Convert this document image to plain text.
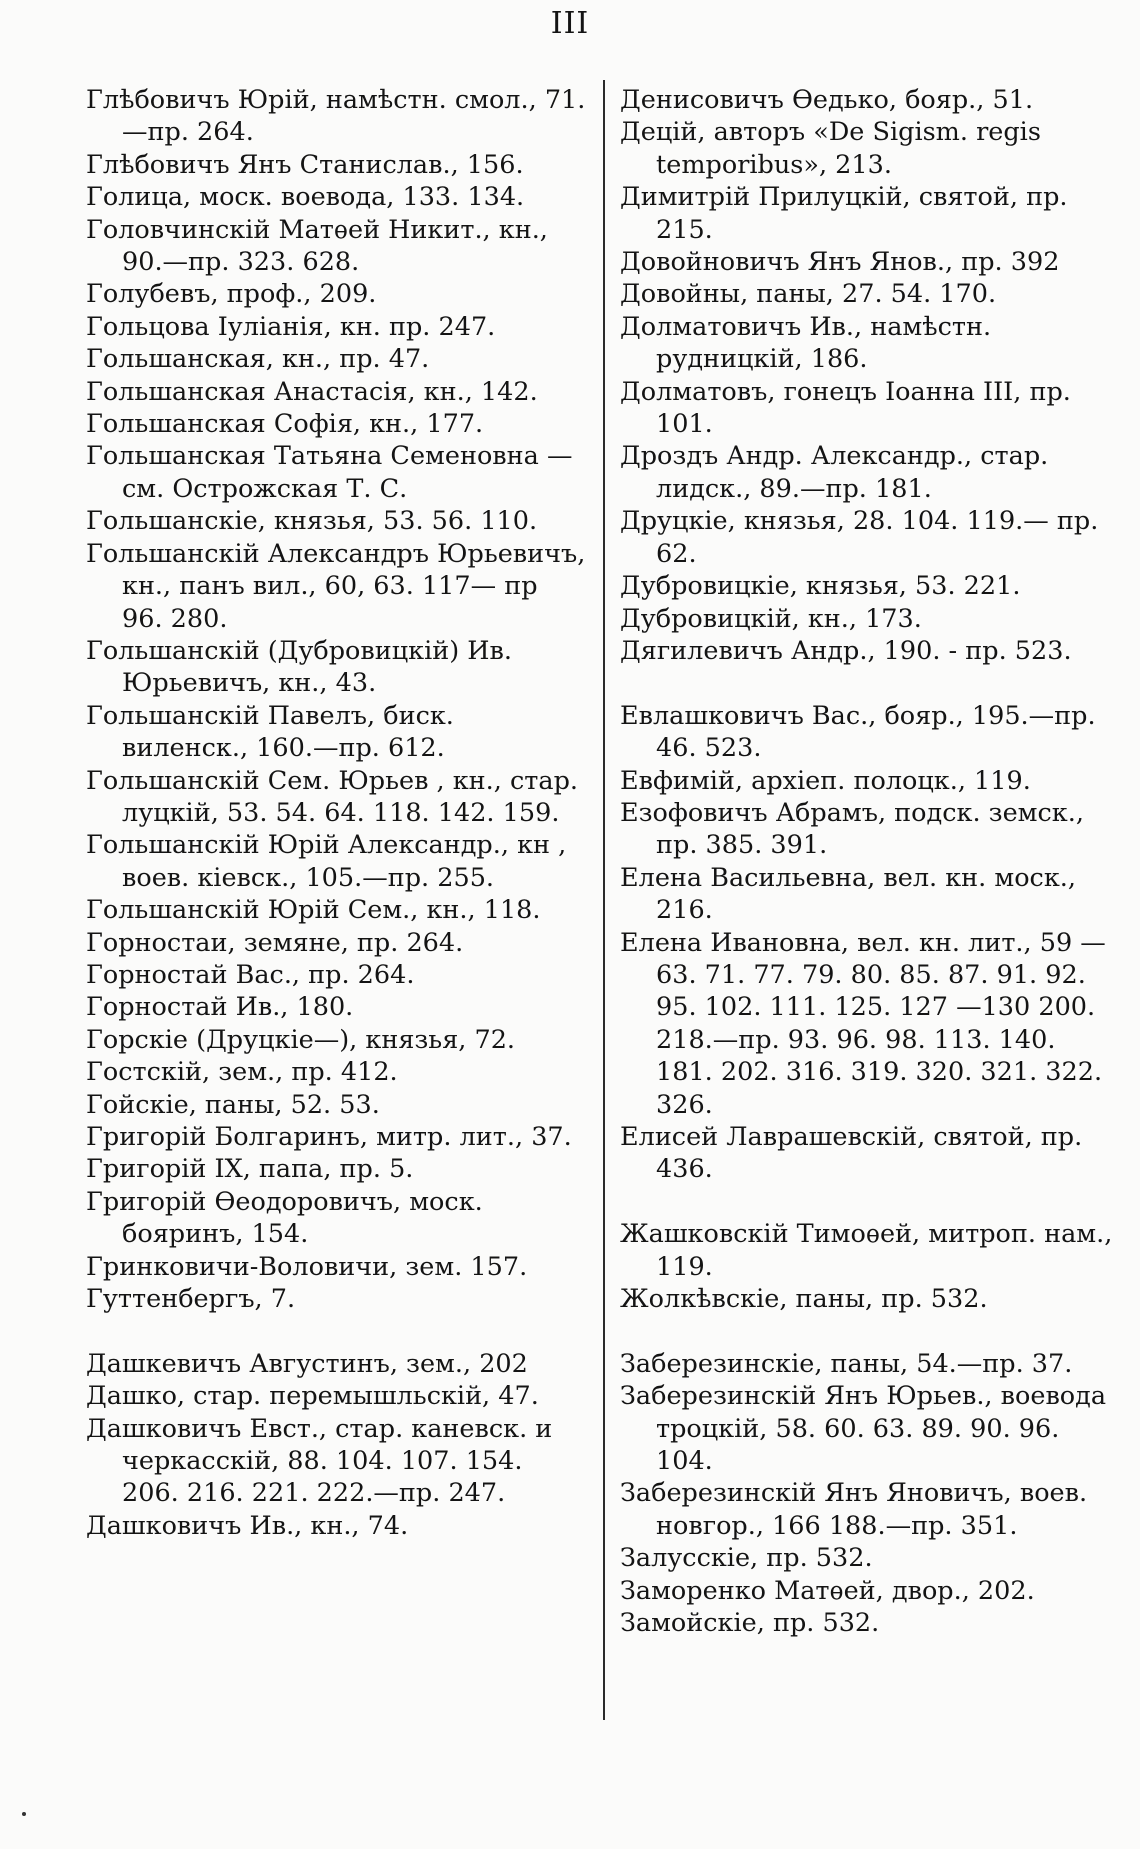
III

Глѣбовичъ Юрій, намѣстн. смол., 71.—пр. 264.

Глѣбовичъ Янъ Станислав., 156.

Голица, моск. воевода, 133. 134.

Головчинскій Матѳей Никит., кн., 90.—пр. 323. 628.

Голубевъ, проф., 209.

Гольцова Іуліанія, кн. пр. 247.

Гольшанская, кн., пр. 47.

Гольшанская Анастасія, кн., 142.

Гольшанская Софія, кн., 177.

Гольшанская Татьяна Семеновна — см. Острожская Т. С.

Гольшанскіе, князья, 53. 56. 110.

Гольшанскій Александръ Юрьевичъ, кн., панъ вил., 60, 63. 117— пр 96. 280.

Гольшанскій (Дубровицкій) Ив. Юрьевичъ, кн., 43.

Гольшанскій Павелъ, биск. виленск., 160.—пр. 612.

Гольшанскій Сем. Юрьев , кн., стар. луцкій, 53. 54. 64. 118. 142. 159.

Гольшанскій Юрій Александр., кн , воев. кіевск., 105.—пр. 255.

Гольшанскій Юрій Сем., кн., 118.

Горностаи, земяне, пр. 264.

Горностай Вас., пр. 264.

Горностай Ив., 180.

Горскіе (Друцкіе—), князья, 72.

Гостскій, зем., пр. 412.

Гойскіе, паны, 52. 53.

Григорій Болгаринъ, митр. лит., 37.

Григорій IX, папа, пр. 5.

Григорій Ѳеодоровичъ, моск. бояринъ, 154.

Гринковичи-Воловичи, зем. 157.

Гуттенбергъ, 7.

Дашкевичъ Августинъ, зем., 202

Дашко, стар. перемышльскій, 47.

Дашковичъ Евст., стар. каневск. и черкасскій, 88. 104. 107. 154. 206. 216. 221. 222.—пр. 247.

Дашковичъ Ив., кн., 74.

Денисовичъ Ѳедько, бояр., 51.

Децій, авторъ «De Sigism. regis temporibus», 213.

Димитрій Прилуцкій, святой, пр. 215.

Довойновичъ Янъ Янов., пр. 392

Довойны, паны, 27. 54. 170.

Долматовичъ Ив., намѣстн. рудницкій, 186.

Долматовъ, гонецъ Іоанна III, пр. 101.

Дроздъ Андр. Александр., стар. лидск., 89.—пр. 181.

Друцкіе, князья, 28. 104. 119.— пр. 62.

Дубровицкіе, князья, 53. 221.

Дубровицкій, кн., 173.

Дягилевичъ Андр., 190. - пр. 523.

Евлашковичъ Вас., бояр., 195.—пр. 46. 523.

Евфимій, архіеп. полоцк., 119.

Езофовичъ Абрамъ, подск. земск., пр. 385. 391.

Елена Васильевна, вел. кн. моск., 216.

Елена Ивановна, вел. кн. лит., 59 —63. 71. 77. 79. 80. 85. 87. 91. 92. 95. 102. 111. 125. 127 —130 200. 218.—пр. 93. 96. 98. 113. 140. 181. 202. 316. 319. 320. 321. 322. 326.

Елисей Лаврашевскій, святой, пр. 436.

Жашковскій Тимоѳей, митроп. нам., 119.

Жолкѣвскіе, паны, пр. 532.

Заберезинскіе, паны, 54.—пр. 37.

Заберезинскій Янъ Юрьев., воевода троцкій, 58. 60. 63. 89. 90. 96. 104.

Заберезинскій Янъ Яновичъ, воев. новгор., 166 188.—пр. 351.

Залусскіе, пр. 532.

Заморенко Матѳей, двор., 202.

Замойскіе, пр. 532.
